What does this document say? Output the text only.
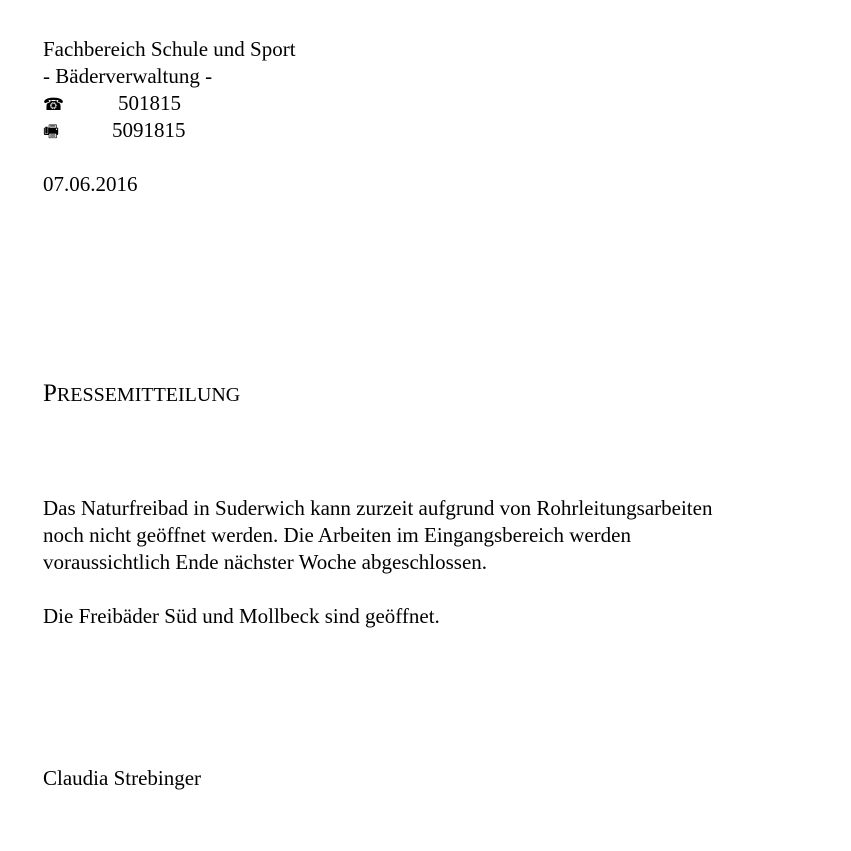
Fachbereich Schule und Sport
- Bäderverwaltung -
☎	501815
🖷	5091815
07.06.2016
PRESSEMITTEILUNG

Das Naturfreibad in Suderwich kann zurzeit aufgrund von Rohrleitungsarbeiten

noch nicht geöffnet werden. Die Arbeiten im Eingangsbereich werden

voraussichtlich Ende nächster Woche abgeschlossen.

Die Freibäder Süd und Mollbeck sind geöffnet.

Claudia Strebinger
